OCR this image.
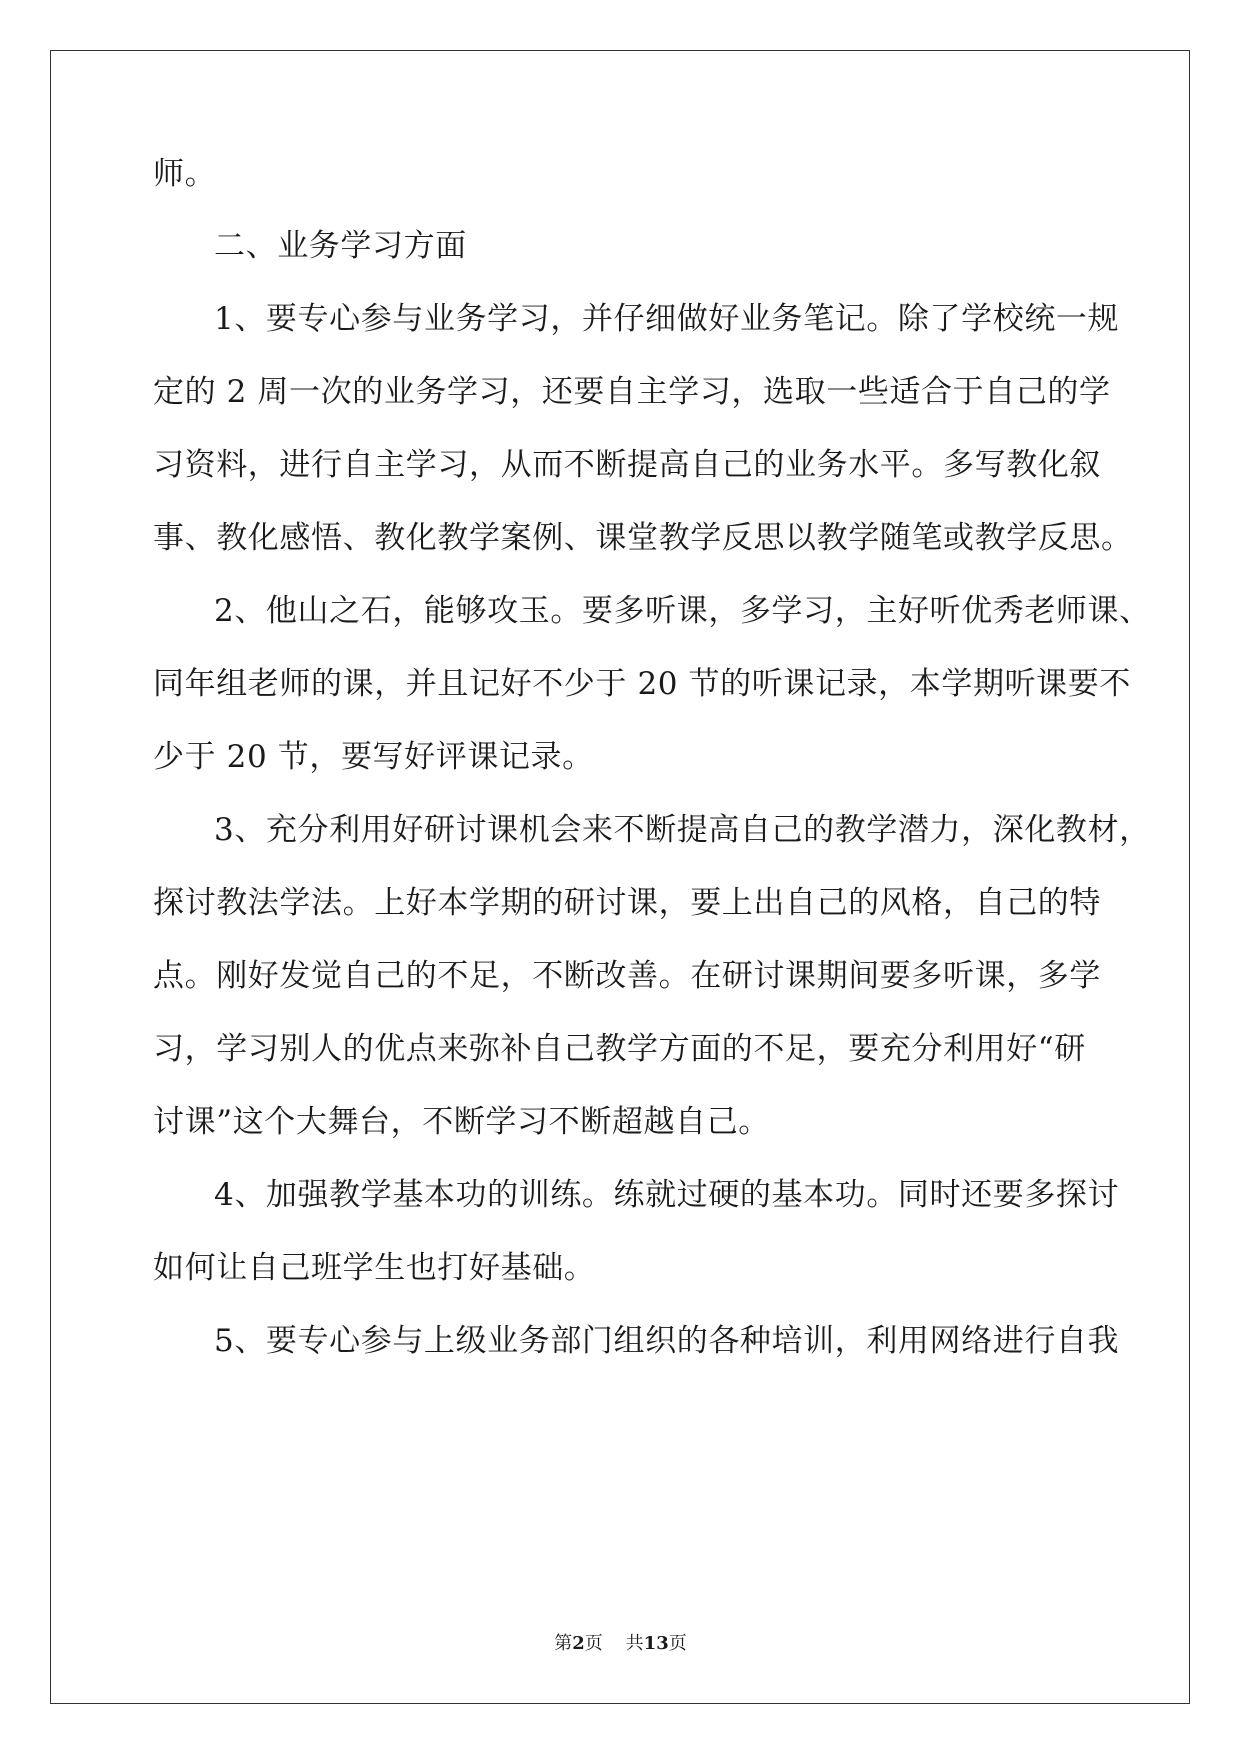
师。
二、业务学习方面
1、要专心参与业务学习，并仔细做好业务笔记。除了学校统一规
定的 2 周一次的业务学习，还要自主学习，选取一些适合于自己的学
习资料，进行自主学习，从而不断提高自己的业务水平。多写教化叙
事、教化感悟、教化教学案例、课堂教学反思以教学随笔或教学反思。
2、他山之石，能够攻玉。要多听课，多学习，主好听优秀老师课、
同年组老师的课，并且记好不少于 20 节的听课记录，本学期听课要不
少于 20 节，要写好评课记录。
3、充分利用好研讨课机会来不断提高自己的教学潜力，深化教材，
探讨教法学法。上好本学期的研讨课，要上出自己的风格，自己的特
点。刚好发觉自己的不足，不断改善。在研讨课期间要多听课，多学
习，学习别人的优点来弥补自己教学方面的不足，要充分利用好“研
讨课”这个大舞台，不断学习不断超越自己。
4、加强教学基本功的训练。练就过硬的基本功。同时还要多探讨
如何让自己班学生也打好基础。
5、要专心参与上级业务部门组织的各种培训，利用网络进行自我
第2页 共13页
